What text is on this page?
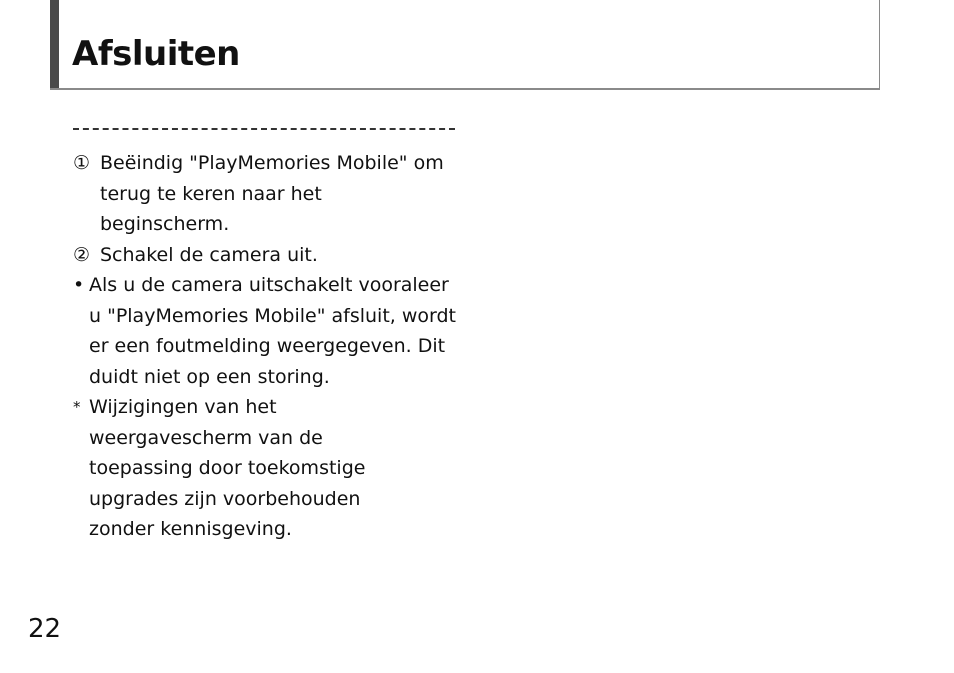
Afsluiten
① Beëindig "PlayMemories Mobile" om terug te keren naar het beginscherm.
② Schakel de camera uit.
• Als u de camera uitschakelt vooraleer u "PlayMemories Mobile" afsluit, wordt er een foutmelding weergegeven. Dit duidt niet op een storing.
* Wijzigingen van het weergavescherm van de toepassing door toekomstige upgrades zijn voorbehouden zonder kennisgeving.
22
